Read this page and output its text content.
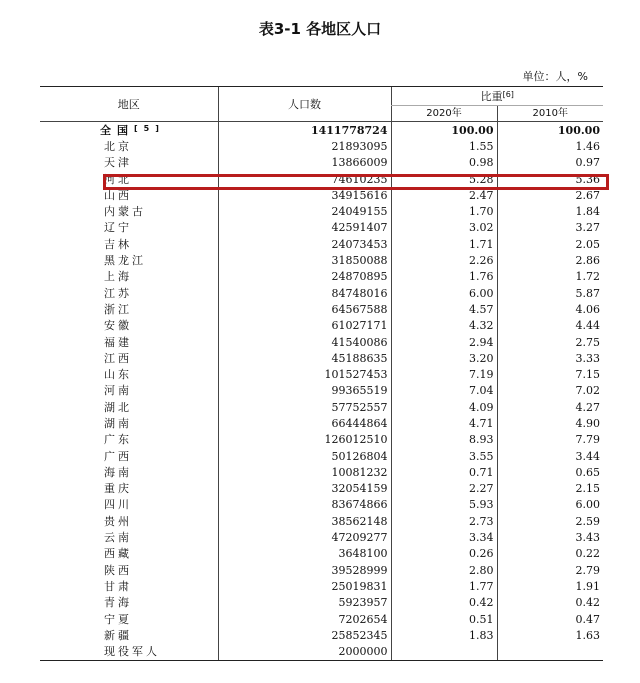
表3-1 各地区人口
单位：人，%
地区	人口数	比重[6]
		2020年	2010年
全国[5]	1411778724	100.00	100.00
北京	21893095	1.55	1.46
天津	13866009	0.98	0.97
河北	74610235	5.28	5.36
山西	34915616	2.47	2.67
内蒙古	24049155	1.70	1.84
辽宁	42591407	3.02	3.27
吉林	24073453	1.71	2.05
黑龙江	31850088	2.26	2.86
上海	24870895	1.76	1.72
江苏	84748016	6.00	5.87
浙江	64567588	4.57	4.06
安徽	61027171	4.32	4.44
福建	41540086	2.94	2.75
江西	45188635	3.20	3.33
山东	101527453	7.19	7.15
河南	99365519	7.04	7.02
湖北	57752557	4.09	4.27
湖南	66444864	4.71	4.90
广东	126012510	8.93	7.79
广西	50126804	3.55	3.44
海南	10081232	0.71	0.65
重庆	32054159	2.27	2.15
四川	83674866	5.93	6.00
贵州	38562148	2.73	2.59
云南	47209277	3.34	3.43
西藏	3648100	0.26	0.22
陕西	39528999	2.80	2.79
甘肃	25019831	1.77	1.91
青海	5923957	0.42	0.42
宁夏	7202654	0.51	0.47
新疆	25852345	1.83	1.63
现役军人	2000000		
